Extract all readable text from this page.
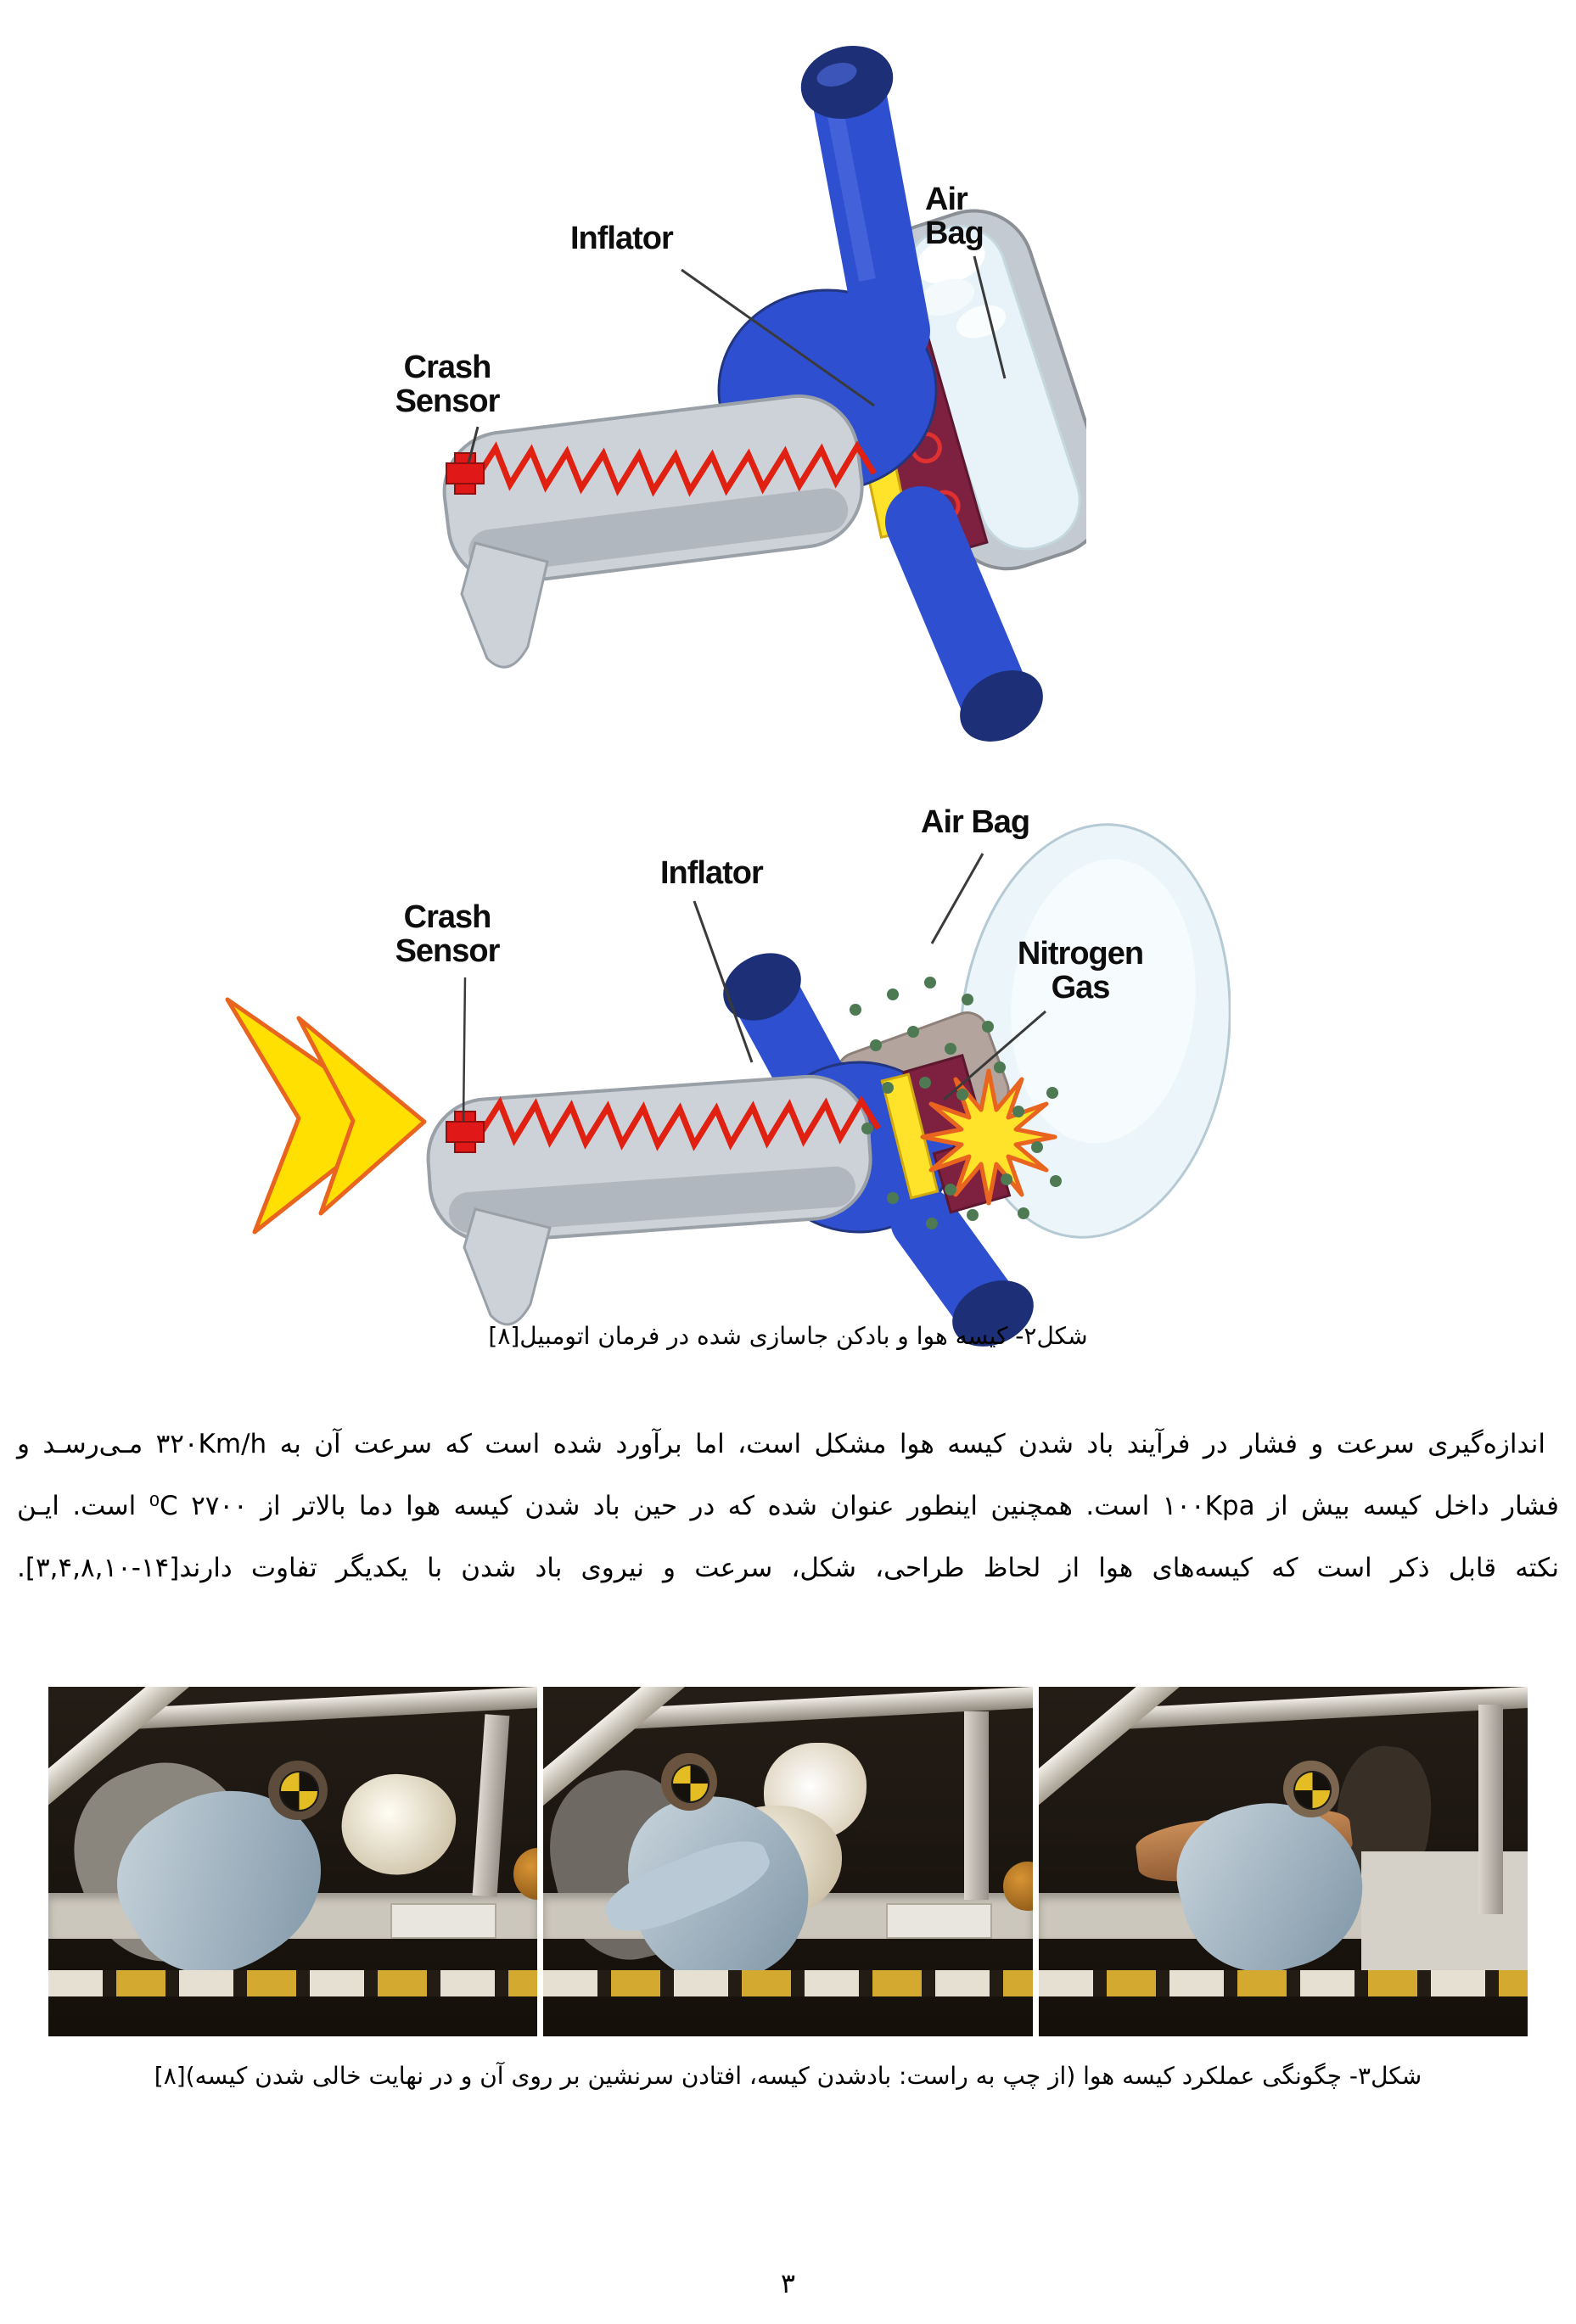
Inflator
Air Bag
Crash Sensor
Air Bag
Inflator
Crash Sensor	Nitrogen Gas
شکل۲- کیسه هوا و بادکن جاسازی شده در فرمان اتومبیل[۸]
اندازه‌گیری سرعت و فشار در فرآیند باد شدن کیسه هوا مشکل است، اما برآورد شده است که سرعت آن به ۳۲۰Km/h مـی‌رسـد و
فشار داخل کیسه بیش از ۱۰۰Kpa است. همچنین اینطور عنوان شده که در حین باد شدن کیسه هوا دما بالاتر از ۲۷۰۰ ⁰C است. ایـن
نکته قابل ذکر است که کیسه‌های هوا از لحاظ طراحی، شکل، سرعت و نیروی باد شدن با یکدیگر تفاوت دارند⁦[۳,۴,۸,۱۰-۱۴]⁩.
شکل۳- چگونگی عملکرد کیسه هوا (از چپ به راست: بادشدن کیسه، افتادن سرنشین بر روی آن و در نهایت خالی شدن کیسه)[۸]
۳
